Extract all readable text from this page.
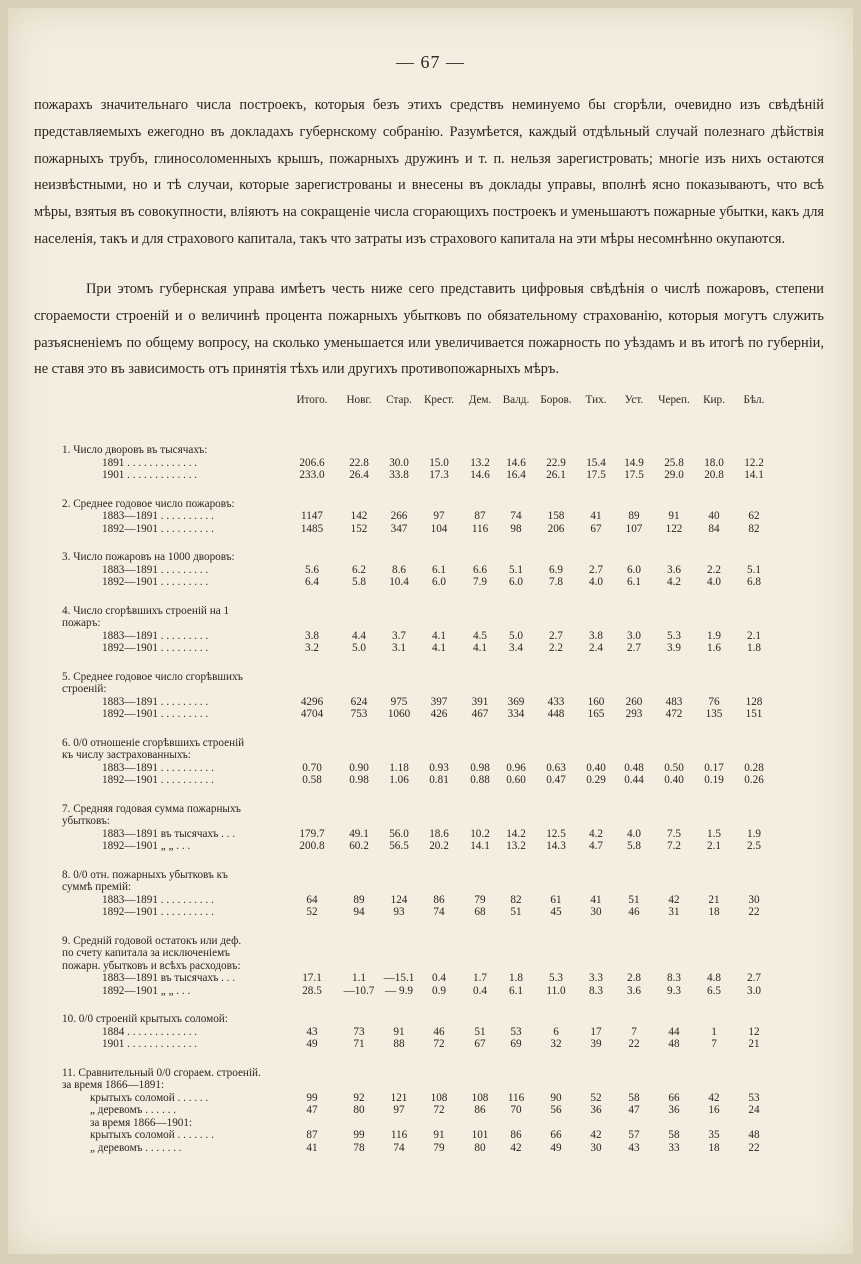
— 67 —
пожарахъ значительнаго числа построекъ, которыя безъ этихъ средствъ неминуемо бы сгорѣли, очевидно изъ свѣдѣній представляемыхъ ежегодно въ докладахъ губернскому собранію. Разумѣется, каждый отдѣльный случай полезнаго дѣйствія пожарныхъ трубъ, глиносоломенныхъ крышъ, пожарныхъ дружинъ и т. п. нельзя зарегистровать; многіе изъ нихъ остаются неизвѣстными, но и тѣ случаи, которые зарегистрованы и внесены въ доклады управы, вполнѣ ясно показываютъ, что всѣ мѣры, взятыя въ совокупности, вліяютъ на сокращеніе числа сгорающихъ построекъ и уменьшаютъ пожарные убытки, какъ для населенія, такъ и для страхового капитала, такъ что затраты изъ страхового капитала на эти мѣры несомнѣнно окупаются.
При этомъ губернская управа имѣетъ честь ниже сего представить цифровыя свѣдѣнія о числѣ пожаровъ, степени сгораемости строеній и о величинѣ процента пожарныхъ убытковъ по обязательному страхованію, которыя могутъ служить разъясненіемъ по общему вопросу, на сколько уменьшается или увеличивается пожарность по уѣздамъ и въ итогѣ по губерніи, не ставя это въ зависимость отъ принятія тѣхъ или другихъ противопожарныхъ мѣръ.
Итого.	Новг.	Стар.	Крест.	Дем.	Валд. Боров.	Тих.	Уст.	Череп.	Кир.	Бѣл.
1. Число дворовъ въ тысячахъ:
1891 . . . . . . . . . . . . .	206.6	22.8	30.0	15.0	13.2	14.6	22.9	15.4	14.9	25.8	18.0	12.2
1901 . . . . . . . . . . . . .	233.0	26.4	33.8	17.3	14.6	16.4	26.1	17.5	17.5	29.0	20.8	14.1
2. Среднее годовое число пожаровъ:
1883—1891 . . . . . . . . . .	1147	142	266	97	87	74	158	41	89	91	40	62
1892—1901 . . . . . . . . . .	1485	152	347	104	116	98	206	67	107	122	84	82
3. Число пожаровъ на 1000 дворовъ:
1883—1891 . . . . . . . . .	5.6	6.2	8.6	6.1	6.6	5.1	6.9	2.7	6.0	3.6	2.2	5.1
1892—1901 . . . . . . . . .	6.4	5.8	10.4	6.0	7.9	6.0	7.8	4.0	6.1	4.2	4.0	6.8
4. Число сгорѣвшихъ строеній на 1
пожаръ:
1883—1891 . . . . . . . . .	3.8	4.4	3.7	4.1	4.5	5.0	2.7	3.8	3.0	5.3	1.9	2.1
1892—1901 . . . . . . . . .	3.2	5.0	3.1	4.1	4.1	3.4	2.2	2.4	2.7	3.9	1.6	1.8
5. Среднее годовое число сгорѣвшихъ
строеній:
1883—1891 . . . . . . . . .	4296	624	975	397	391	369	433	160	260	483	76	128
1892—1901 . . . . . . . . .	4704	753	1060	426	467	334	448	165	293	472	135	151
6. 0/0 отношеніе сгорѣвшихъ строеній
къ числу застрахованныхъ:
1883—1891 . . . . . . . . . .	0.70	0.90	1.18	0.93	0.98	0.96	0.63	0.40	0.48	0.50	0.17	0.28
1892—1901 . . . . . . . . . .	0.58	0.98	1.06	0.81	0.88	0.60	0.47	0.29	0.44	0.40	0.19	0.26
7. Средняя годовая сумма пожарныхъ
убытковъ:
1883—1891 въ тысячахъ . . .	179.7	49.1	56.0	18.6	10.2	14.2	12.5	4.2	4.0	7.5	1.5	1.9
1892—1901 „ „ . . .	200.8	60.2	56.5	20.2	14.1	13.2	14.3	4.7	5.8	7.2	2.1	2.5
8. 0/0 отн. пожарныхъ убытковъ къ
суммѣ премій:
1883—1891 . . . . . . . . . .	64	89	124	86	79	82	61	41	51	42	21	30
1892—1901 . . . . . . . . . .	52	94	93	74	68	51	45	30	46	31	18	22
9. Средній годовой остатокъ или деф.
по счету капитала за исключеніемъ
пожарн. убытковъ и всѣхъ расходовъ:
1883—1891 въ тысячахъ . . .	17.1	1.1	—15.1	0.4	1.7	1.8	5.3	3.3	2.8	8.3	4.8	2.7
1892—1901 „ „ . . .	28.5	—10.7 — 9.9	0.9	0.4	6.1	11.0	8.3	3.6	9.3	6.5	3.0
10. 0/0 строеній крытыхъ соломой:
1884 . . . . . . . . . . . . .	43	73	91	46	51	53	6	17	7	44	1	12
1901 . . . . . . . . . . . . .	49	71	88	72	67	69	32	39	22	48	7	21
11. Сравнительный 0/0 сгораем. строеній.
за время 1866—1891:
крытыхъ соломой . . . . . .	99	92	121	108	108	116	90	52	58	66	42	53
„ деревомъ . . . . . .	47	80	97	72	86	70	56	36	47	36	16	24
за время 1866—1901:
крытыхъ соломой . . . . . . .	87	99	116	91	101	86	66	42	57	58	35	48
„ деревомъ . . . . . . .	41	78	74	79	80	42	49	30	43	33	18	22
